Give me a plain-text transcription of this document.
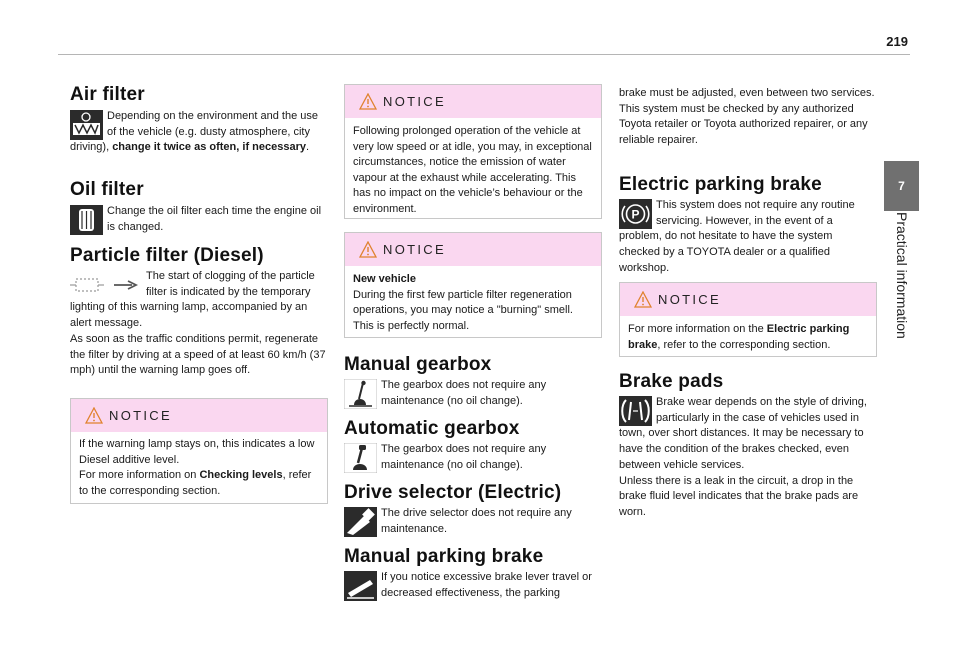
219
7
Practical information
Air filter

Depending on the environment and the use of the vehicle (e.g. dusty atmosphere, city driving), change it twice as often, if necessary.

Oil filter

Change the oil filter each time the engine oil is changed.

Particle filter (Diesel)

The start of clogging of the particle filter is indicated by the temporary lighting of this warning lamp, accompanied by an alert message.

As soon as the traffic conditions permit, regenerate the filter by driving at a speed of at least 60 km/h (37 mph) until the warning lamp goes off.

NOTICE

If the warning lamp stays on, this indicates a low Diesel additive level.

For more information on Checking levels, refer to the corresponding section.

NOTICE

Following prolonged operation of the vehicle at very low speed or at idle, you may, in exceptional circumstances, notice the emission of water vapour at the exhaust while accelerating. This has no impact on the vehicle’s behaviour or the environment.

NOTICE

New vehicle

During the first few particle filter regeneration operations, you may notice a "burning" smell. This is perfectly normal.

Manual gearbox

The gearbox does not require any maintenance (no oil change).

Automatic gearbox

The gearbox does not require any maintenance (no oil change).

Drive selector (Electric)

The drive selector does not require any maintenance.

Manual parking brake

If you notice excessive brake lever travel or decreased effectiveness, the parking

brake must be adjusted, even between two services.

This system must be checked by any authorized Toyota retailer or Toyota authorized repairer, or any reliable repairer.

Electric parking brake
P

This system does not require any routine servicing. However, in the event of a problem, do not hesitate to have the system checked by a TOYOTA dealer or a qualified workshop.

NOTICE

For more information on the Electric parking brake, refer to the corresponding section.

Brake pads

Brake wear depends on the style of driving, particularly in the case of vehicles used in town, over short distances. It may be necessary to have the condition of the brakes checked, even between vehicle services.

Unless there is a leak in the circuit, a drop in the brake fluid level indicates that the brake pads are worn.
